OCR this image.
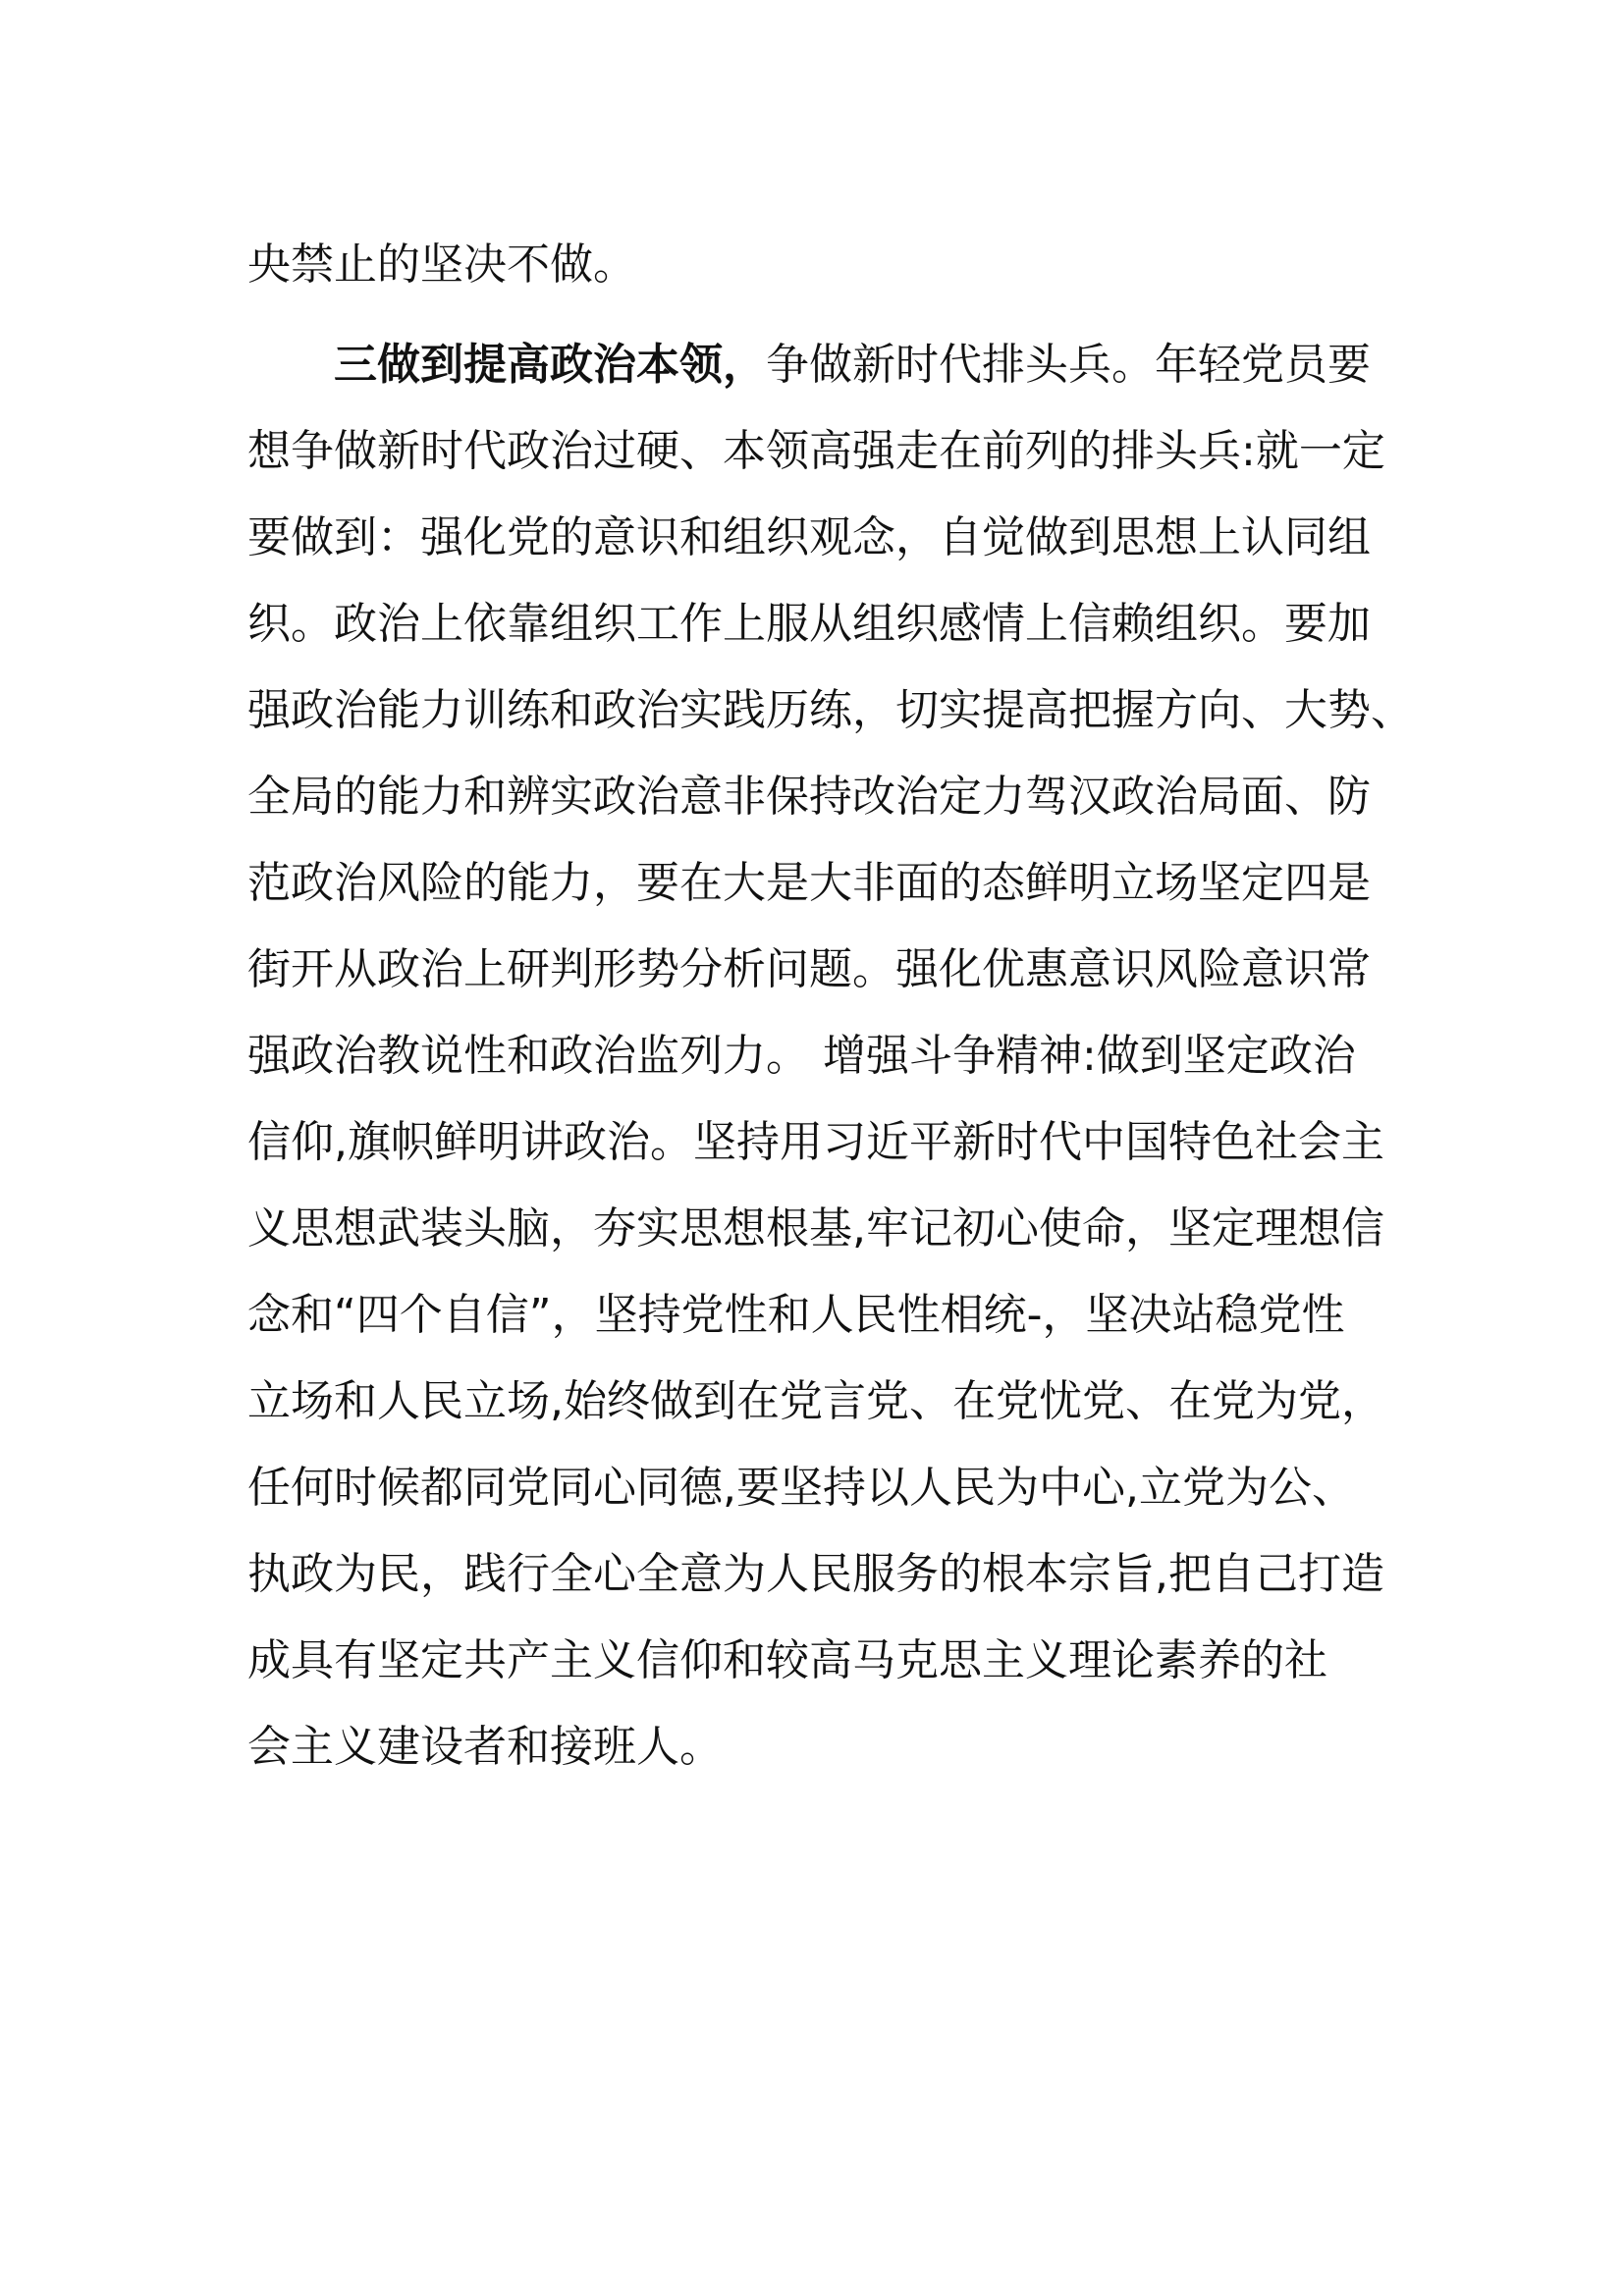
央禁止的坚决不做。
三做到提高政治本领，争做新时代排头兵。年轻党员要
想争做新时代政治过硬、本领高强走在前列的排头兵:就一定
要做到：强化党的意识和组织观念，自觉做到思想上认同组
织。政治上依靠组织工作上服从组织感情上信赖组织。要加
强政治能力训练和政治实践历练，切实提高把握方向、大势、
全局的能力和辨实政治意非保持改治定力驾汉政治局面、防
范政治风险的能力，要在大是大非面的态鲜明立场坚定四是
街开从政治上研判形势分析问题。强化优惠意识风险意识常
强政治教说性和政治监列力。 增强斗争精神:做到坚定政治
信仰,旗帜鲜明讲政治。坚持用习近平新时代中国特色社会主
义思想武装头脑，夯实思想根基,牢记初心使命，坚定理想信
念和“四个自信”，坚持党性和人民性相统-，坚决站稳党性
立场和人民立场,始终做到在党言党、在党忧党、在党为党，
任何时候都同党同心同德,要坚持以人民为中心,立党为公、
执政为民，践行全心全意为人民服务的根本宗旨,把自己打造
成具有坚定共产主义信仰和较高马克思主义理论素养的社
会主义建设者和接班人。
